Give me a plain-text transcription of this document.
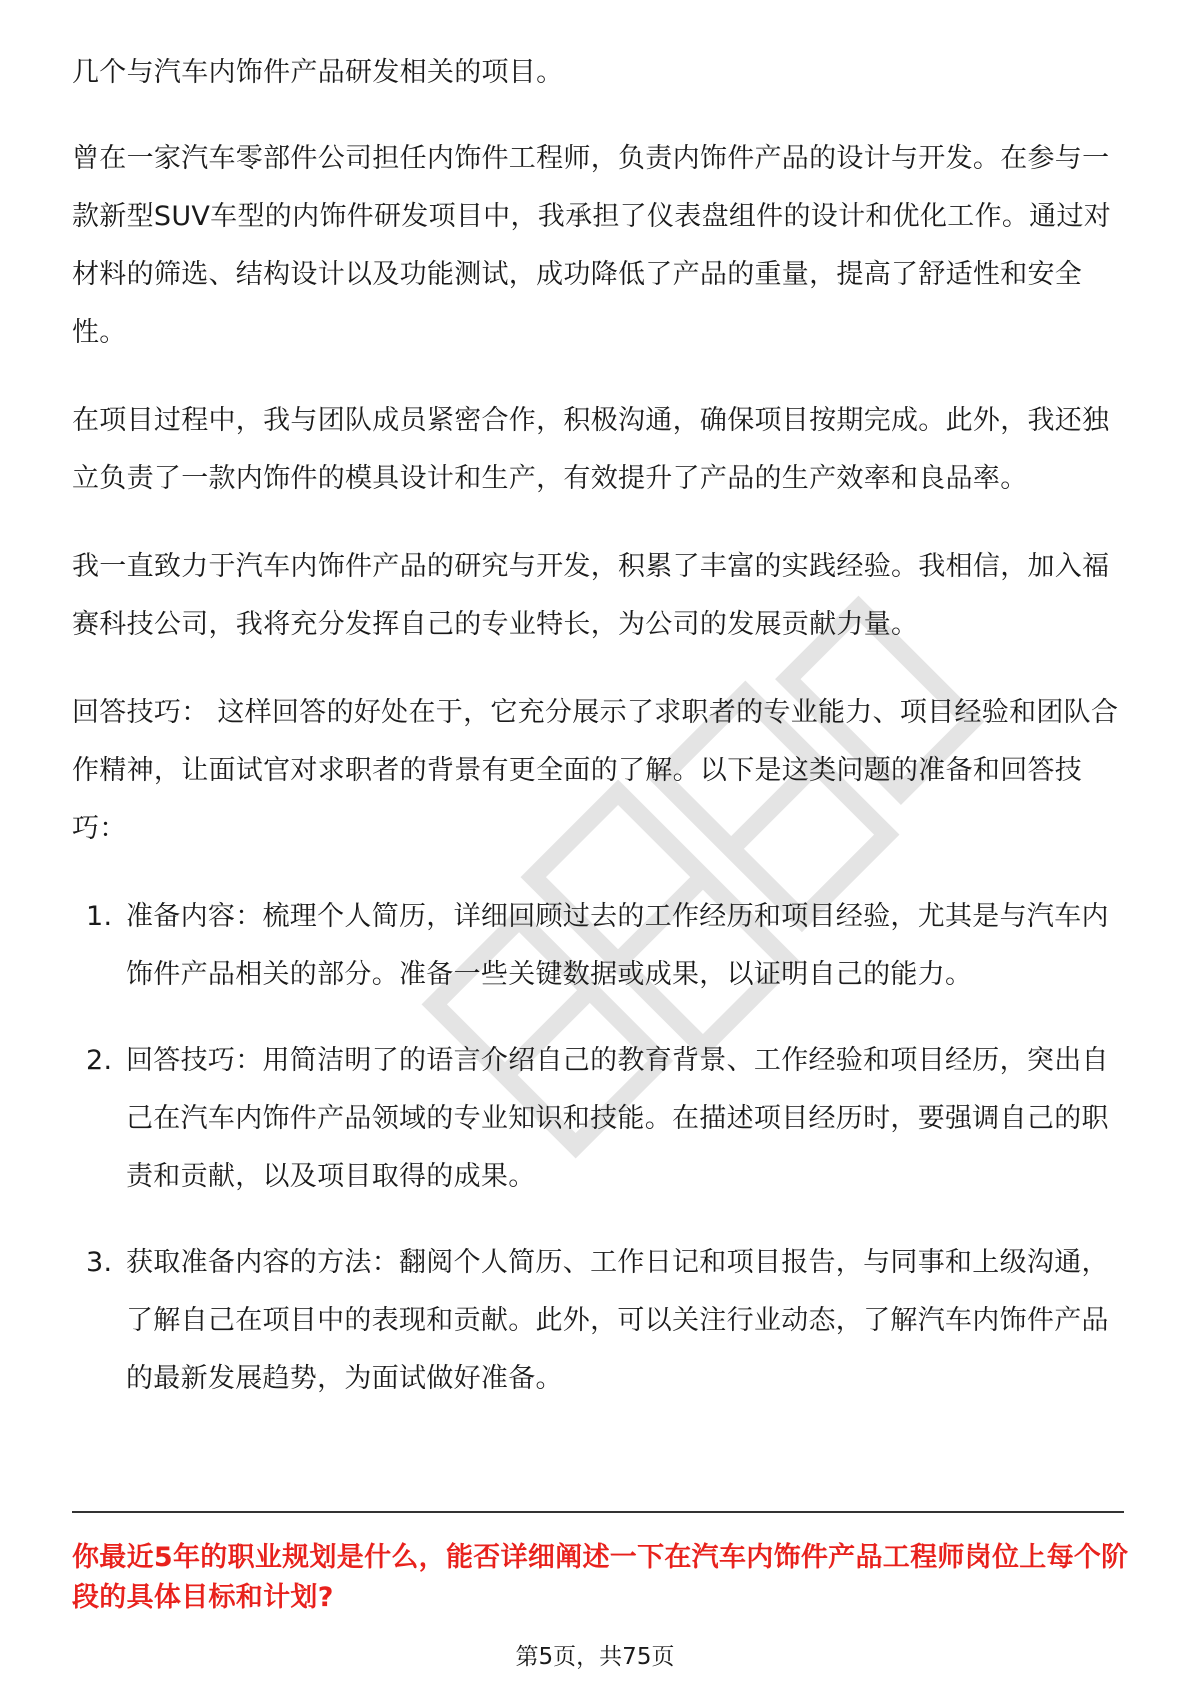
几个与汽车内饰件产品研发相关的项目。

曾在一家汽车零部件公司担任内饰件工程师，负责内饰件产品的设计与开发。在参与一款新型SUV车型的内饰件研发项目中，我承担了仪表盘组件的设计和优化工作。通过对材料的筛选、结构设计以及功能测试，成功降低了产品的重量，提高了舒适性和安全性。

在项目过程中，我与团队成员紧密合作，积极沟通，确保项目按期完成。此外，我还独立负责了一款内饰件的模具设计和生产，有效提升了产品的生产效率和良品率。

我一直致力于汽车内饰件产品的研究与开发，积累了丰富的实践经验。我相信，加入福赛科技公司，我将充分发挥自己的专业特长，为公司的发展贡献力量。

回答技巧： 这样回答的好处在于，它充分展示了求职者的专业能力、项目经验和团队合作精神，让面试官对求职者的背景有更全面的了解。以下是这类问题的准备和回答技巧：

1. 准备内容：梳理个人简历，详细回顾过去的工作经历和项目经验，尤其是与汽车内饰件产品相关的部分。准备一些关键数据或成果，以证明自己的能力。
2. 回答技巧：用简洁明了的语言介绍自己的教育背景、工作经验和项目经历，突出自己在汽车内饰件产品领域的专业知识和技能。在描述项目经历时，要强调自己的职责和贡献，以及项目取得的成果。
3. 获取准备内容的方法：翻阅个人简历、工作日记和项目报告，与同事和上级沟通，了解自己在项目中的表现和贡献。此外，可以关注行业动态，了解汽车内饰件产品的最新发展趋势，为面试做好准备。
你最近5年的职业规划是什么，能否详细阐述一下在汽车内饰件产品工程师岗位上每个阶段的具体目标和计划?
第5页，共75页
